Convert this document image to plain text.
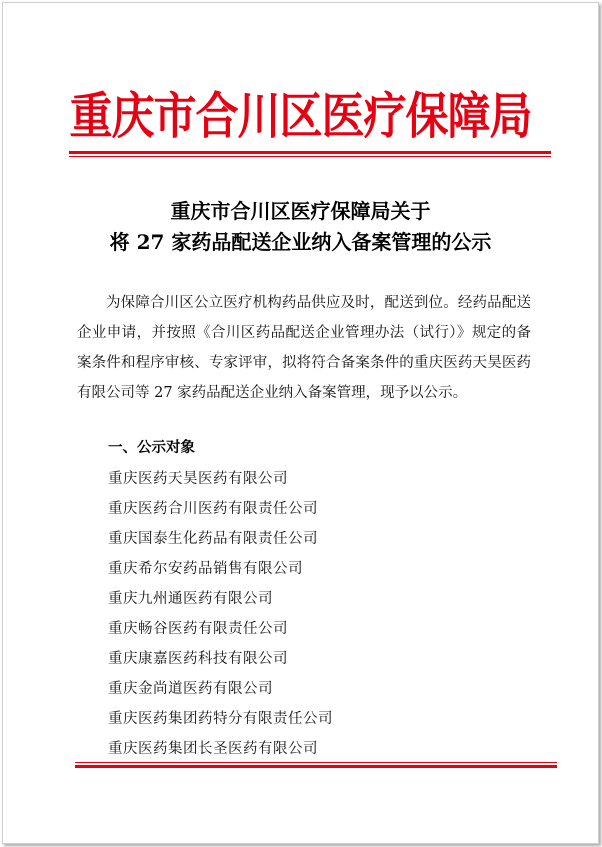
重庆市合川区医疗保障局
重庆市合川区医疗保障局关于
将 27 家药品配送企业纳入备案管理的公示

为保障合川区公立医疗机构药品供应及时，配送到位。经药品配送企业申请，并按照《合川区药品配送企业管理办法（试行）》规定的备案条件和程序审核、专家评审，拟将符合备案条件的重庆医药天昊医药有限公司等 27 家药品配送企业纳入备案管理，现予以公示。

一、公示对象
重庆医药天昊医药有限公司
重庆医药合川医药有限责任公司
重庆国泰生化药品有限责任公司
重庆希尔安药品销售有限公司
重庆九州通医药有限公司
重庆畅谷医药有限责任公司
重庆康嘉医药科技有限公司
重庆金尚道医药有限公司
重庆医药集团药特分有限责任公司
重庆医药集团长圣医药有限公司
